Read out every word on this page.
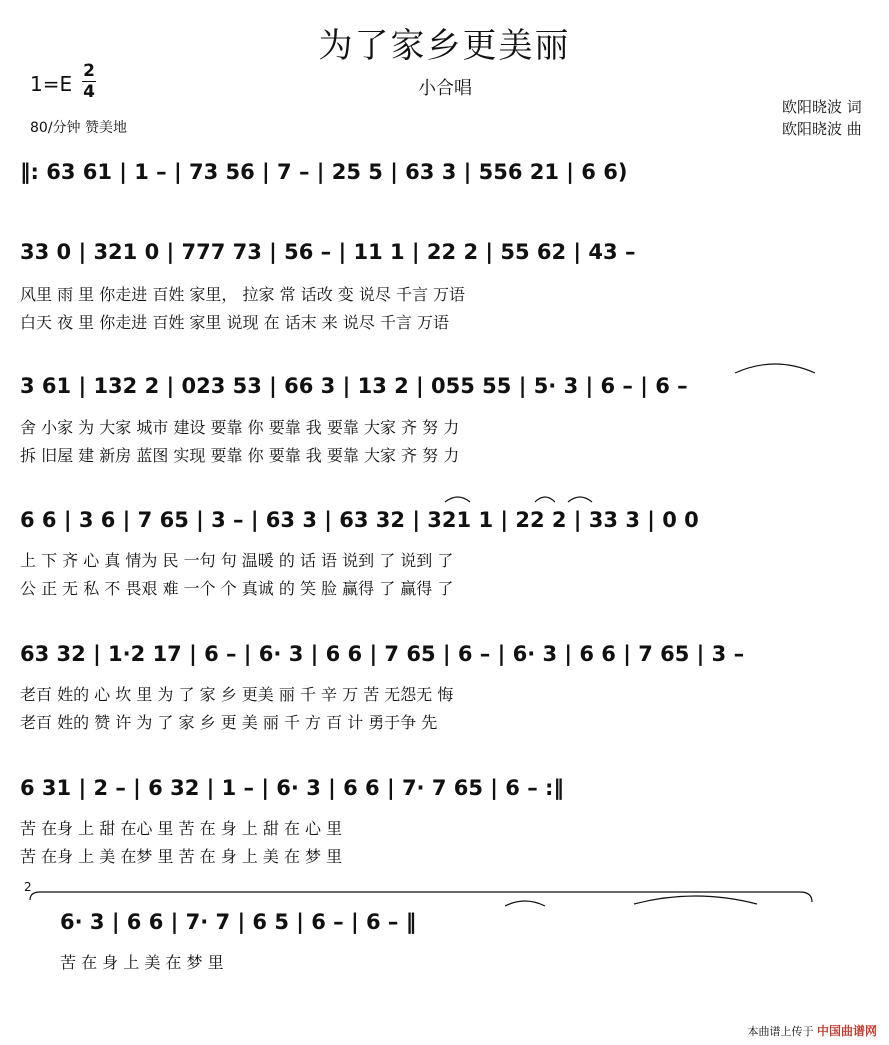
为了家乡更美丽
1=E
2
4
80/分钟 赞美地
小合唱
欧阳晓波 词
欧阳晓波 曲
‖: 63 61 | 1 – | 73 56 | 7 – | 25 5 | 63 3 | 556 21 | 6 6)
33 0 | 321 0 | 777 73 | 56 – | 11 1 | 22 2 | 55 62 | 43 –
风里 雨 里 你走进 百姓 家里， 拉家 常 话改 变 说尽 千言 万语
白天 夜 里 你走进 百姓 家里 说现 在 话末 来 说尽 千言 万语
3 61 | 132 2 | 023 53 | 66 3 | 13 2 | 055 55 | 5· 3 | 6 – | 6 –
舍 小家 为 大家 城市 建设 要靠 你 要靠 我 要靠 大家 齐 努 力
拆 旧屋 建 新房 蓝图 实现 要靠 你 要靠 我 要靠 大家 齐 努 力
6 6 | 3 6 | 7 65 | 3 – | 63 3 | 63 32 | 321 1 | 22 2 | 33 3 | 0 0
上 下 齐 心 真 情为 民 一句 句 温暖 的 话 语 说到 了 说到 了
公 正 无 私 不 畏艰 难 一个 个 真诚 的 笑 脸 赢得 了 赢得 了
63 32 | 1·2 17 | 6 – | 6· 3 | 6 6 | 7 65 | 6 – | 6· 3 | 6 6 | 7 65 | 3 –
老百 姓的 心 坎 里 为 了 家 乡 更美 丽 千 辛 万 苦 无怨无 悔
老百 姓的 赞 许 为 了 家 乡 更 美 丽 千 方 百 计 勇于争 先
6 31 | 2 – | 6 32 | 1 – | 6· 3 | 6 6 | 7· 7 65 | 6 – :‖
苦 在身 上 甜 在心 里 苦 在 身 上 甜 在 心 里
苦 在身 上 美 在梦 里 苦 在 身 上 美 在 梦 里
2
6· 3 | 6 6 | 7· 7 | 6 5 | 6 – | 6 – ‖
苦 在 身 上 美 在 梦 里
本曲谱上传于 中国曲谱网
